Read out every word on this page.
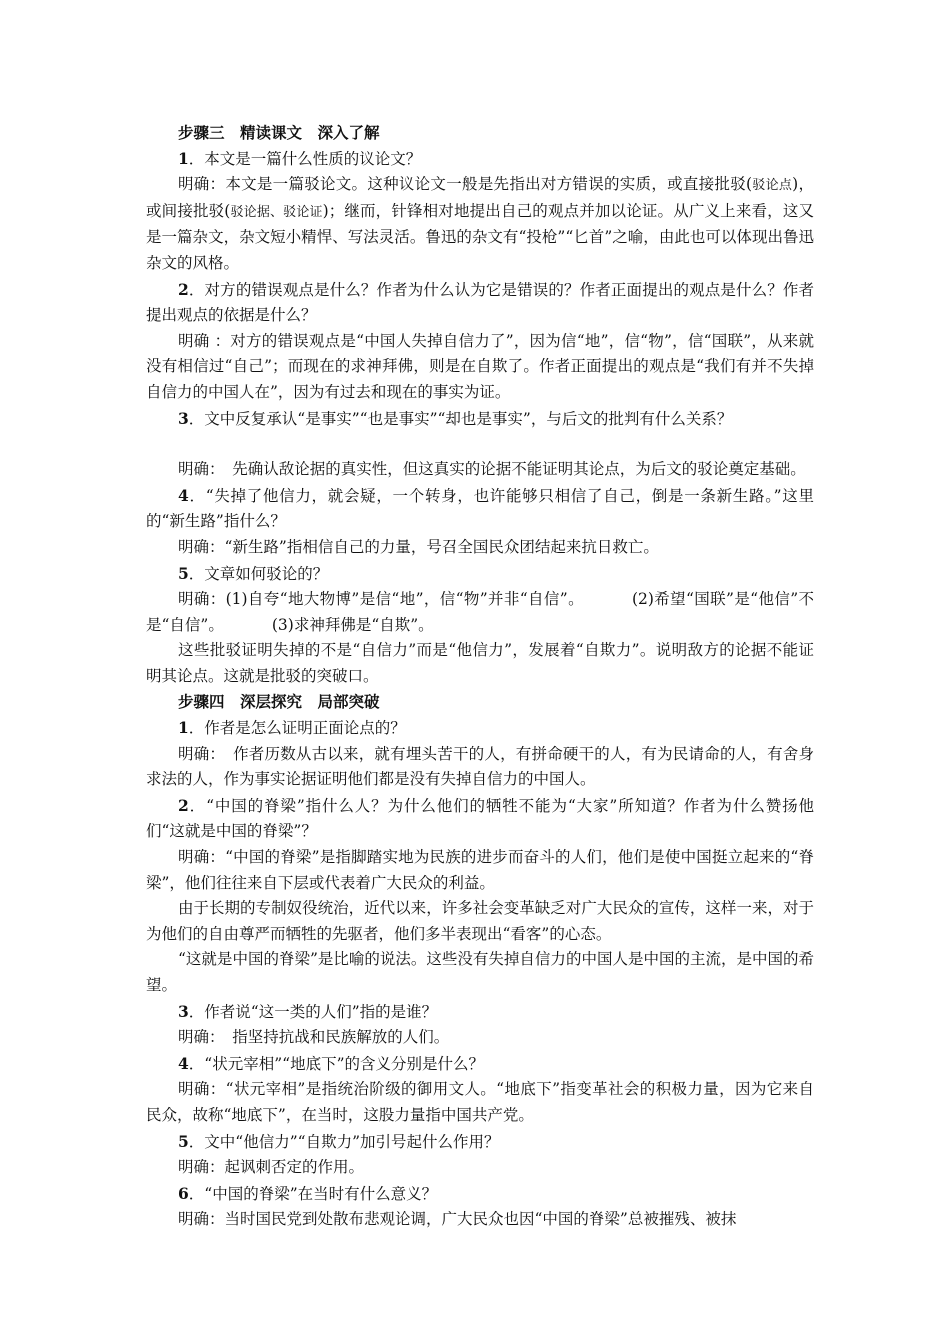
步骤三　精读课文　深入了解

1．本文是一篇什么性质的议论文？

明确：本文是一篇驳论文。这种议论文一般是先指出对方错误的实质，或直接批驳(驳论点)，或间接批驳(驳论据、驳论证)；继而，针锋相对地提出自己的观点并加以论证。从广义上来看，这又是一篇杂文，杂文短小精悍、写法灵活。鲁迅的杂文有“投枪”“匕首”之喻，由此也可以体现出鲁迅杂文的风格。

2．对方的错误观点是什么？作者为什么认为它是错误的？作者正面提出的观点是什么？作者提出观点的依据是什么？

明确 ：对方的错误观点是“中国人失掉自信力了”，因为信“地”，信“物”，信“国联”，从来就没有相信过“自己”；而现在的求神拜佛，则是在自欺了。作者正面提出的观点是“我们有并不失掉自信力的中国人在”，因为有过去和现在的事实为证。

3．文中反复承认“是事实”“也是事实”“却也是事实”，与后文的批判有什么关系？

明确：　先确认敌论据的真实性，但这真实的论据不能证明其论点，为后文的驳论奠定基础。

4．“失掉了他信力，就会疑，一个转身，也许能够只相信了自己，倒是一条新生路。”这里的“新生路”指什么？

明确：“新生路”指相信自己的力量，号召全国民众团结起来抗日救亡。

5．文章如何驳论的？

明确：(1)自夸“地大物博”是信“地”，信“物”并非“自信”。	(2)希望“国联”是“他信”不是“自信”。	(3)求神拜佛是“自欺”。

这些批驳证明失掉的不是“自信力”而是“他信力”，发展着“自欺力”。说明敌方的论据不能证明其论点。这就是批驳的突破口。

步骤四　深层探究　局部突破

1．作者是怎么证明正面论点的？

明确：　作者历数从古以来，就有埋头苦干的人，有拼命硬干的人，有为民请命的人，有舍身求法的人，作为事实论据证明他们都是没有失掉自信力的中国人。

2．“中国的脊梁”指什么人？为什么他们的牺牲不能为“大家”所知道？作者为什么赞扬他们“这就是中国的脊梁”？

明确：“中国的脊梁”是指脚踏实地为民族的进步而奋斗的人们，他们是使中国挺立起来的“脊梁”，他们往往来自下层或代表着广大民众的利益。

由于长期的专制奴役统治，近代以来，许多社会变革缺乏对广大民众的宣传，这样一来，对于为他们的自由尊严而牺牲的先驱者，他们多半表现出“看客”的心态。

“这就是中国的脊梁”是比喻的说法。这些没有失掉自信力的中国人是中国的主流，是中国的希望。

3．作者说“这一类的人们”指的是谁？

明确：　指坚持抗战和民族解放的人们。

4．“状元宰相”“地底下”的含义分别是什么？

明确：“状元宰相”是指统治阶级的御用文人。“地底下”指变革社会的积极力量，因为它来自民众，故称“地底下”，在当时，这股力量指中国共产党。

5．文中“他信力”“自欺力”加引号起什么作用？

明确：起讽刺否定的作用。

6．“中国的脊梁”在当时有什么意义？

明确：当时国民党到处散布悲观论调，广大民众也因“中国的脊梁”总被摧残、被抹
